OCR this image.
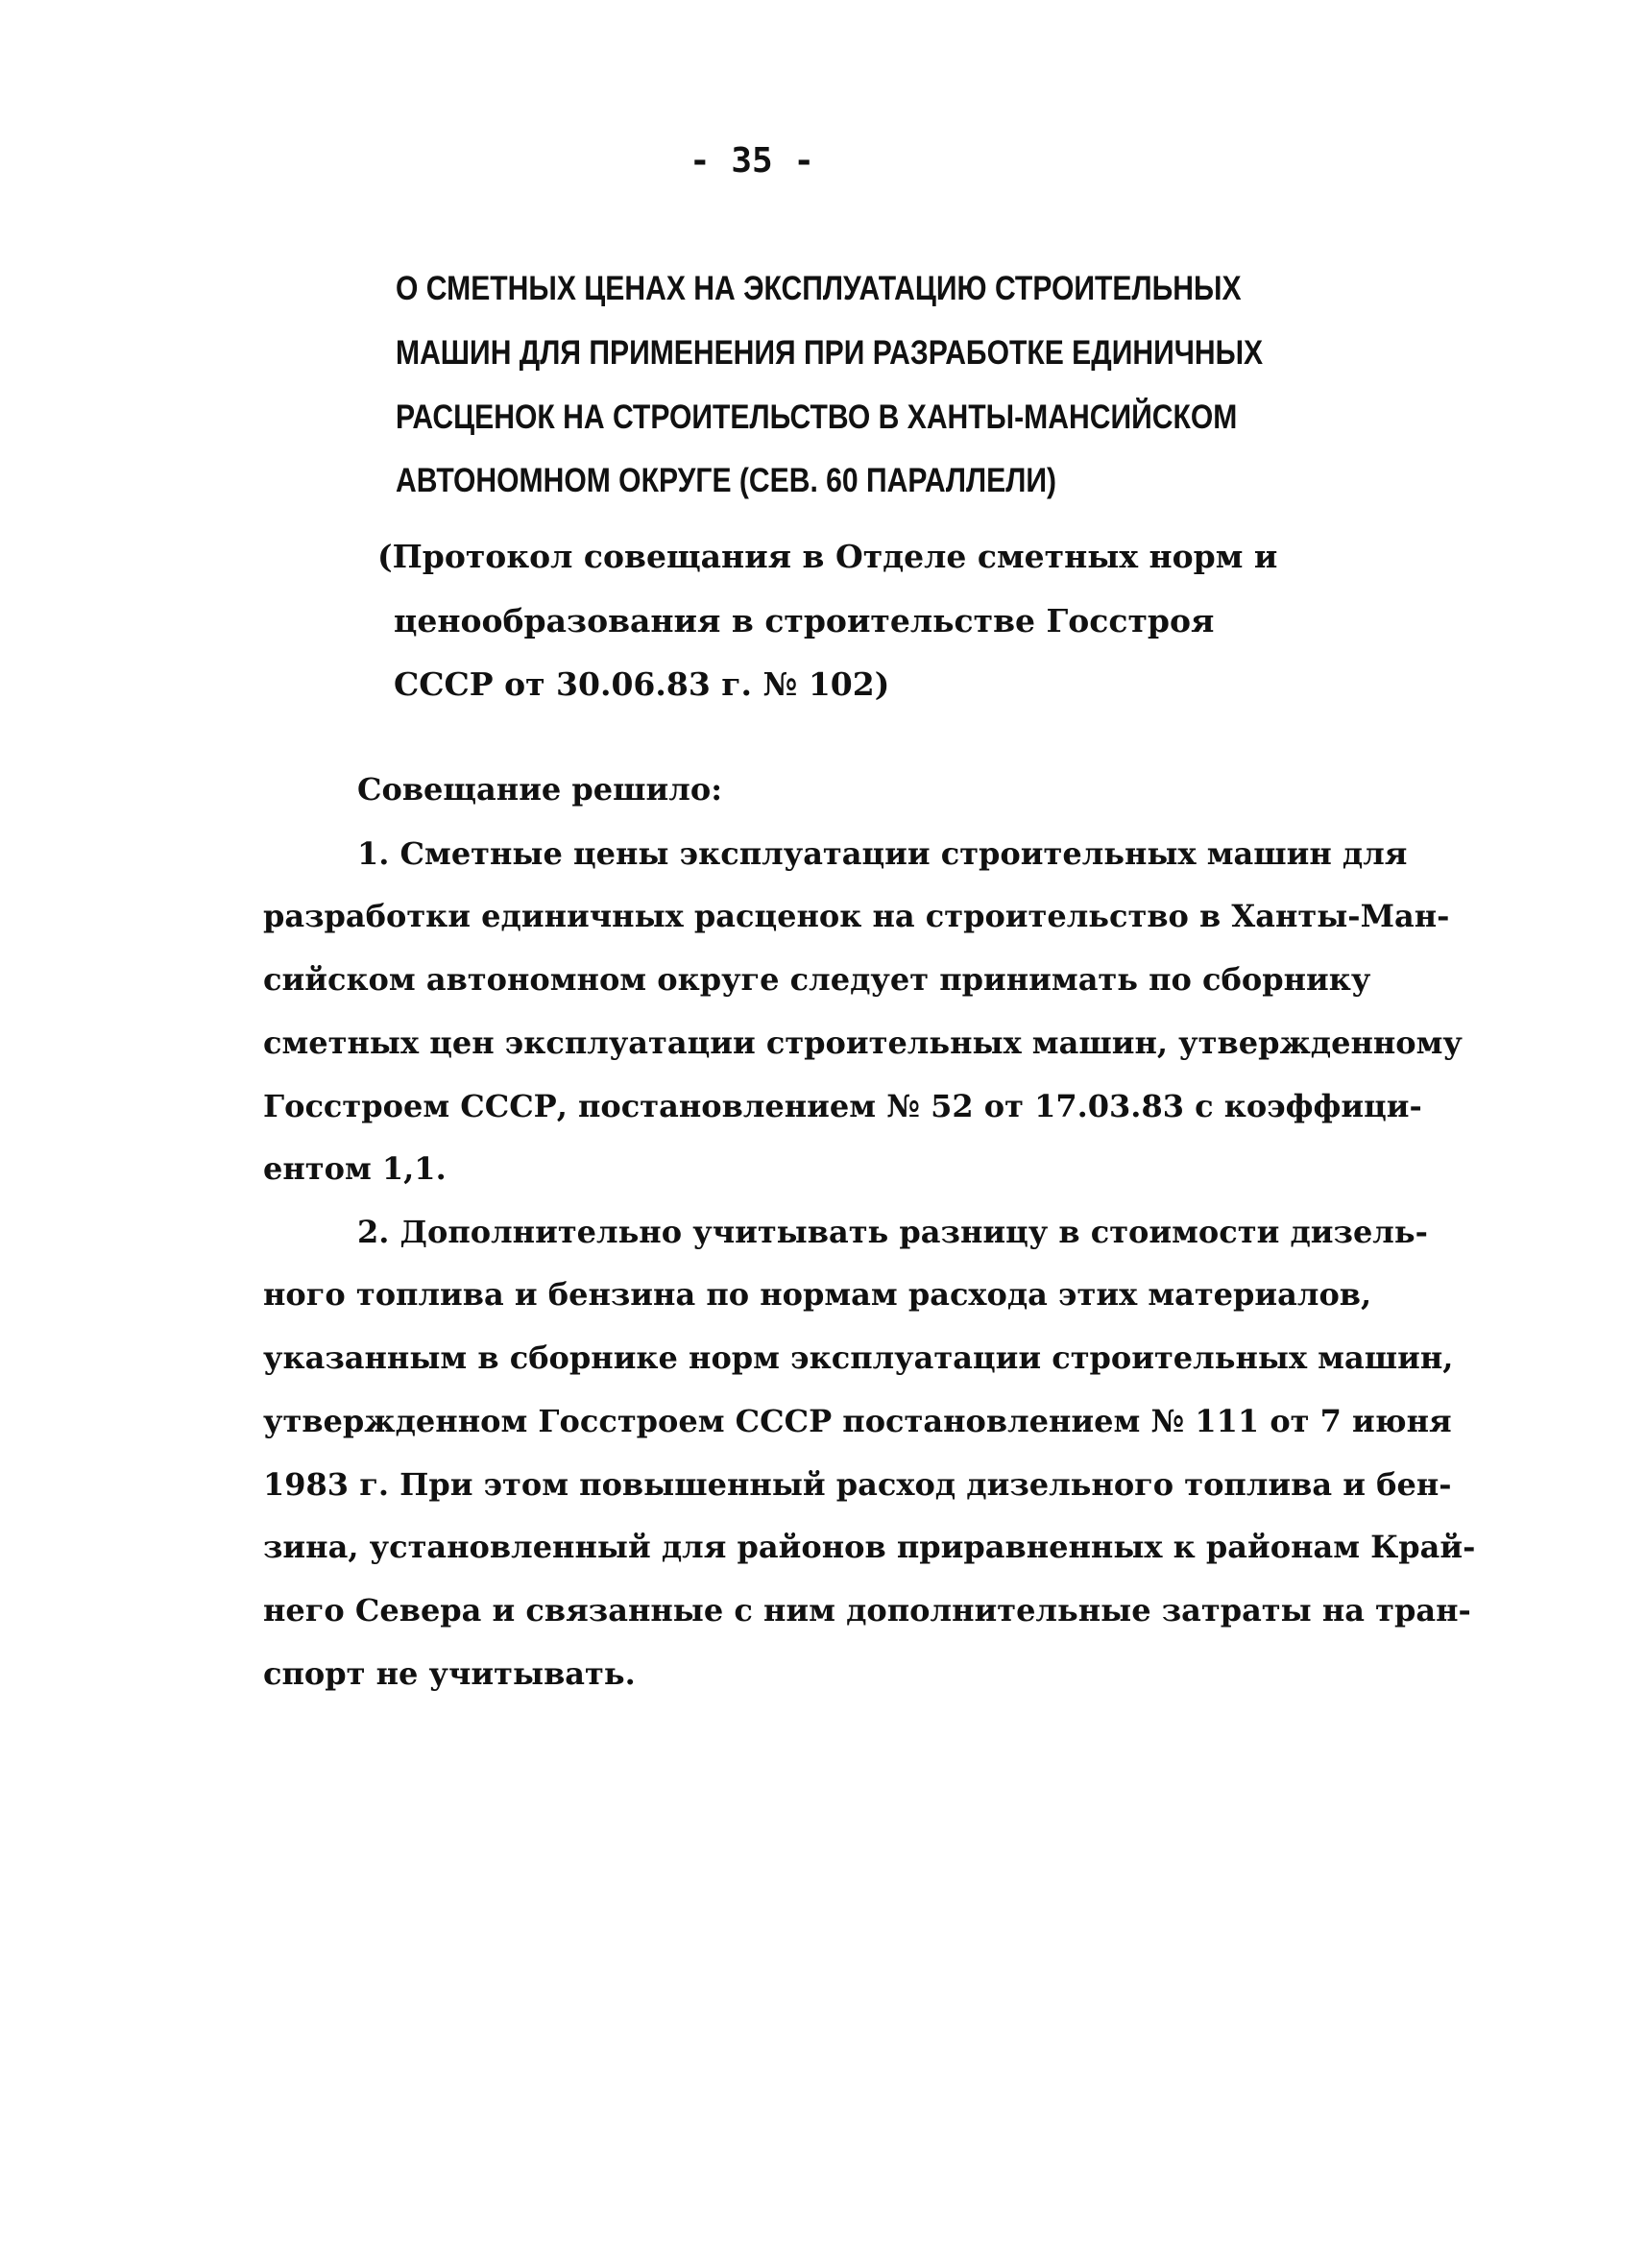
- 35 -
О СМЕТНЫХ ЦЕНАХ НА ЭКСПЛУАТАЦИЮ СТРОИТЕЛЬНЫХ
МАШИН ДЛЯ ПРИМЕНЕНИЯ ПРИ РАЗРАБОТКЕ ЕДИНИЧНЫХ
РАСЦЕНОК НА СТРОИТЕЛЬСТВО В ХАНТЫ-МАНСИЙСКОМ
АВТОНОМНОМ ОКРУГЕ (СЕВ. 60 ПАРАЛЛЕЛИ)
(Протокол совещания в Отделе сметных норм и
ценообразования в строительстве Госстроя
СССР от 30.06.83 г. № 102)
Совещание решило:
1. Сметные цены эксплуатации строительных машин для
разработки единичных расценок на строительство в Ханты-Ман-
сийском автономном округе следует принимать по сборнику
сметных цен эксплуатации строительных машин, утвержденному
Госстроем СССР, постановлением № 52 от 17.03.83 с коэффици-
ентом 1,1.
2. Дополнительно учитывать разницу в стоимости дизель-
ного топлива и бензина по нормам расхода этих материалов,
указанным в сборнике норм эксплуатации строительных машин,
утвержденном Госстроем СССР постановлением № 111 от 7 июня
1983 г. При этом повышенный расход дизельного топлива и бен-
зина, установленный для районов приравненных к районам Край-
него Севера и связанные с ним дополнительные затраты на тран-
спорт не учитывать.
